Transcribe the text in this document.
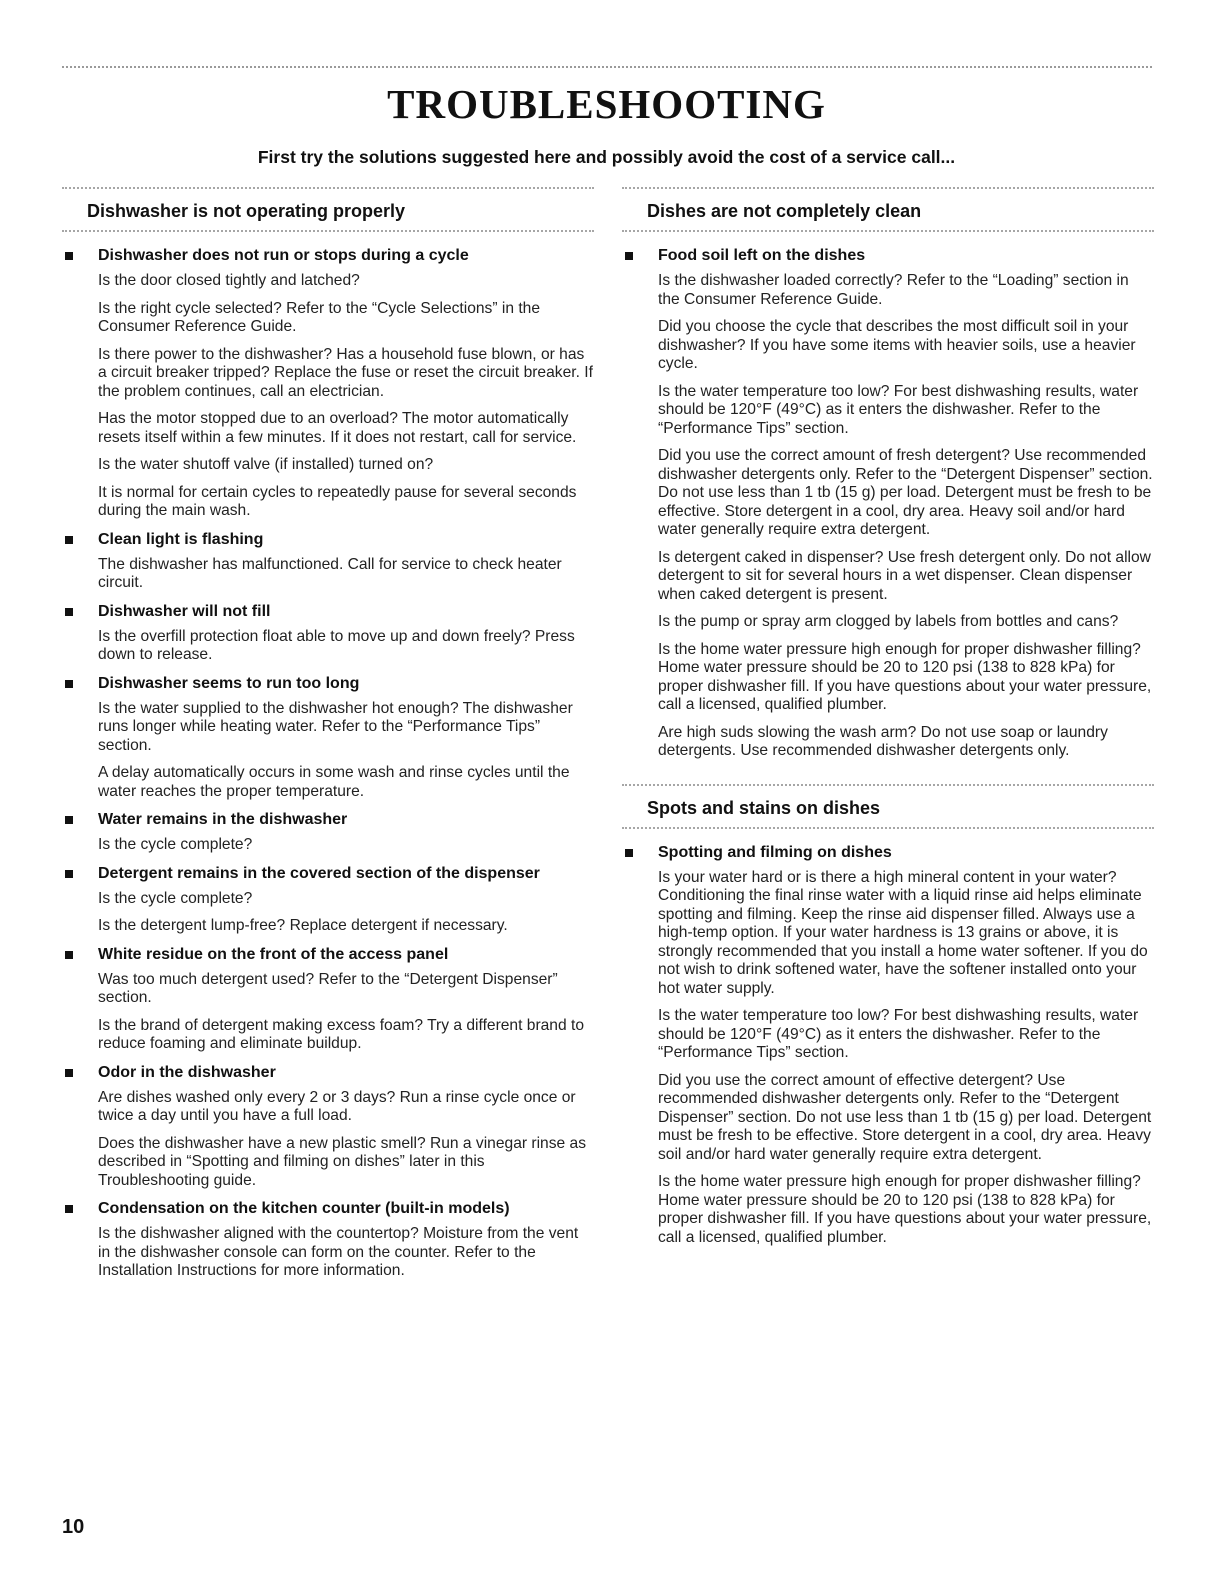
TROUBLESHOOTING
First try the solutions suggested here and possibly avoid the cost of a service call...
Dishwasher is not operating properly
Dishwasher does not run or stops during a cycle

Is the door closed tightly and latched?

Is the right cycle selected? Refer to the “Cycle Selections” in the Consumer Reference Guide.

Is there power to the dishwasher? Has a household fuse blown, or has a circuit breaker tripped? Replace the fuse or reset the circuit breaker. If the problem continues, call an electrician.

Has the motor stopped due to an overload? The motor automatically resets itself within a few minutes. If it does not restart, call for service.

Is the water shutoff valve (if installed) turned on?

It is normal for certain cycles to repeatedly pause for several seconds during the main wash.

Clean light is flashing

The dishwasher has malfunctioned. Call for service to check heater circuit.

Dishwasher will not fill

Is the overfill protection float able to move up and down freely? Press down to release.

Dishwasher seems to run too long

Is the water supplied to the dishwasher hot enough? The dishwasher runs longer while heating water. Refer to the “Performance Tips” section.

A delay automatically occurs in some wash and rinse cycles until the water reaches the proper temperature.

Water remains in the dishwasher

Is the cycle complete?

Detergent remains in the covered section of the dispenser

Is the cycle complete?

Is the detergent lump-free? Replace detergent if necessary.

White residue on the front of the access panel

Was too much detergent used? Refer to the “Detergent Dispenser” section.

Is the brand of detergent making excess foam? Try a different brand to reduce foaming and eliminate buildup.

Odor in the dishwasher

Are dishes washed only every 2 or 3 days? Run a rinse cycle once or twice a day until you have a full load.

Does the dishwasher have a new plastic smell? Run a vinegar rinse as described in “Spotting and filming on dishes” later in this Troubleshooting guide.

Condensation on the kitchen counter (built-in models)

Is the dishwasher aligned with the countertop? Moisture from the vent in the dishwasher console can form on the counter. Refer to the Installation Instructions for more information.

Dishes are not completely clean
Food soil left on the dishes

Is the dishwasher loaded correctly? Refer to the “Loading” section in the Consumer Reference Guide.

Did you choose the cycle that describes the most difficult soil in your dishwasher? If you have some items with heavier soils, use a heavier cycle.

Is the water temperature too low? For best dishwashing results, water should be 120°F (49°C) as it enters the dishwasher. Refer to the “Performance Tips” section.

Did you use the correct amount of fresh detergent? Use recommended dishwasher detergents only. Refer to the “Detergent Dispenser” section. Do not use less than 1 tb (15 g) per load. Detergent must be fresh to be effective. Store detergent in a cool, dry area. Heavy soil and/or hard water generally require extra detergent.

Is detergent caked in dispenser? Use fresh detergent only. Do not allow detergent to sit for several hours in a wet dispenser. Clean dispenser when caked detergent is present.

Is the pump or spray arm clogged by labels from bottles and cans?

Is the home water pressure high enough for proper dishwasher filling? Home water pressure should be 20 to 120 psi (138 to 828 kPa) for proper dishwasher fill. If you have questions about your water pressure, call a licensed, qualified plumber.

Are high suds slowing the wash arm? Do not use soap or laundry detergents. Use recommended dishwasher detergents only.

Spots and stains on dishes
Spotting and filming on dishes

Is your water hard or is there a high mineral content in your water? Conditioning the final rinse water with a liquid rinse aid helps eliminate spotting and filming. Keep the rinse aid dispenser filled. Always use a high-temp option. If your water hardness is 13 grains or above, it is strongly recommended that you install a home water softener. If you do not wish to drink softened water, have the softener installed onto your hot water supply.

Is the water temperature too low? For best dishwashing results, water should be 120°F (49°C) as it enters the dishwasher. Refer to the “Performance Tips” section.

Did you use the correct amount of effective detergent? Use recommended dishwasher detergents only. Refer to the “Detergent Dispenser” section. Do not use less than 1 tb (15 g) per load. Detergent must be fresh to be effective. Store detergent in a cool, dry area. Heavy soil and/or hard water generally require extra detergent.

Is the home water pressure high enough for proper dishwasher filling? Home water pressure should be 20 to 120 psi (138 to 828 kPa) for proper dishwasher fill. If you have questions about your water pressure, call a licensed, qualified plumber.

10
